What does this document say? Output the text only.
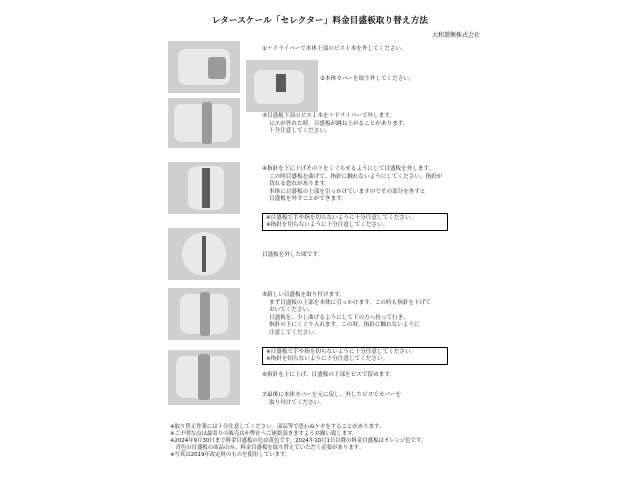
レタースケール「セレクター」料金目盛板取り替え方法
大和製衡株式会社
①＋ドライバーで本体上部のビス１本を外してください。
②本体カバーを取り外してください。
③目盛板下部のビス１本を＋ドライバーで外します。
ビスが外れた時、目盛板が跳ね上がることがあります。
十分注意してください。
④指針を下に下げその下をくぐらせるようにして目盛板を外します。
この時目盛板を曲げて、指針に触れないようにしてください。指針が
切れる恐れがあります。
本体に目盛板の上部を引っかけていますのでその部分を外すと
目盛板を外すことができます。
※目盛板で手や指を切らないように十分注意してください。
※指針を切らないように十分注意してください。
目盛板を外した図です。
⑤新しい目盛板を取り付けます。
まず目盛板の上部を本体に引っかけます。この時も指針を下げて
おいてください。
目盛板を、少し曲げるようにして下の方へ持って行き、
指針の下にくぐり入れます。この時、指針に触れないように
注意してください。
※目盛板で手や指を切らないように十分注意してください。
※指針を切らないように十分注意してください。
⑥指針を上に上げ、目盛板の下部をビスで留めます。
⑦最後に本体カバーを元に戻し、外したビスでカバーを
取り付けてください。
※取り替え作業には十分注意してください。部品等で思わぬケガをすることがあります。
※ご不明な点は最寄りの販売店か弊社へご連絡頂きますようお願い致します。
※2024年9月30日まで料金目盛板の色は黄色です。2024年10月1日以降の料金目盛板はオレンジ色です。
　青色の目盛板の商品のみ、料金目盛板を取り替えていただく必要があります。
※写真は2019年改定時のものを使用しています。
